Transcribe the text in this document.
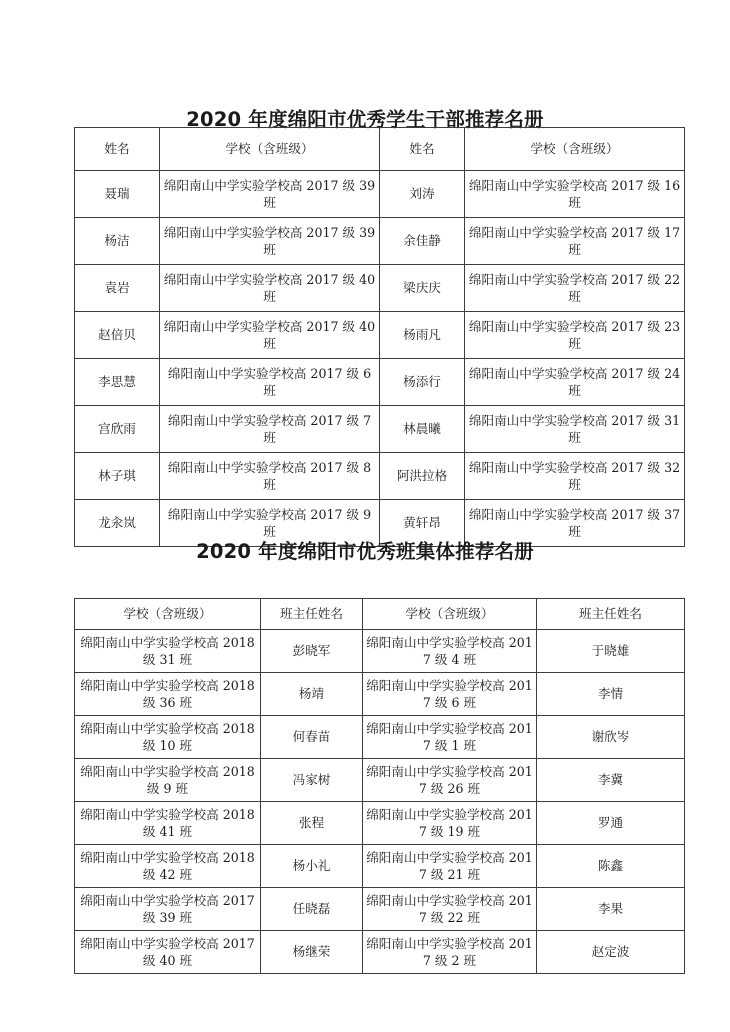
2020 年度绵阳市优秀学生干部推荐名册
姓名	学校（含班级）	姓名	学校（含班级）
聂瑞	绵阳南山中学实验学校高 2017 级 39 班	刘涛	绵阳南山中学实验学校高 2017 级 16 班
杨洁	绵阳南山中学实验学校高 2017 级 39 班	余佳静	绵阳南山中学实验学校高 2017 级 17 班
袁岩	绵阳南山中学实验学校高 2017 级 40 班	梁庆庆	绵阳南山中学实验学校高 2017 级 22 班
赵倍贝	绵阳南山中学实验学校高 2017 级 40 班	杨雨凡	绵阳南山中学实验学校高 2017 级 23 班
李思慧	绵阳南山中学实验学校高 2017 级 6 班	杨添行	绵阳南山中学实验学校高 2017 级 24 班
宫欣雨	绵阳南山中学实验学校高 2017 级 7 班	林晨曦	绵阳南山中学实验学校高 2017 级 31 班
林子琪	绵阳南山中学实验学校高 2017 级 8 班	阿洪拉格	绵阳南山中学实验学校高 2017 级 32 班
龙汆岚	绵阳南山中学实验学校高 2017 级 9 班	黄轩昂	绵阳南山中学实验学校高 2017 级 37 班
2020 年度绵阳市优秀班集体推荐名册
学校（含班级）	班主任姓名	学校（含班级）	班主任姓名
绵阳南山中学实验学校高 2018 级 31 班	彭晓军	绵阳南山中学实验学校高 2017 级 4 班	于晓雄
绵阳南山中学实验学校高 2018 级 36 班	杨靖	绵阳南山中学实验学校高 2017 级 6 班	李情
绵阳南山中学实验学校高 2018 级 10 班	何春苗	绵阳南山中学实验学校高 2017 级 1 班	谢欣岑
绵阳南山中学实验学校高 2018 级 9 班	冯家树	绵阳南山中学实验学校高 2017 级 26 班	李冀
绵阳南山中学实验学校高 2018 级 41 班	张程	绵阳南山中学实验学校高 2017 级 19 班	罗通
绵阳南山中学实验学校高 2018 级 42 班	杨小礼	绵阳南山中学实验学校高 2017 级 21 班	陈鑫
绵阳南山中学实验学校高 2017 级 39 班	任晓磊	绵阳南山中学实验学校高 2017 级 22 班	李果
绵阳南山中学实验学校高 2017 级 40 班	杨继荣	绵阳南山中学实验学校高 2017 级 2 班	赵定波
